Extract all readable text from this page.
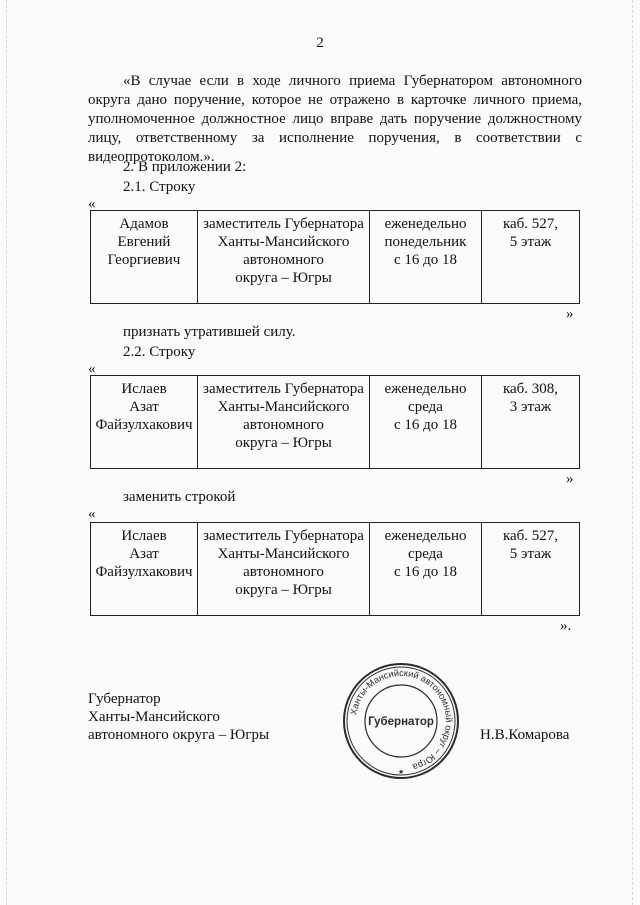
2
«В случае если в ходе личного приема Губернатором автономного
округа дано поручение, которое не отражено в карточке личного приема,
уполномоченное должностное лицо вправе дать поручение должностному
лицу, ответственному за исполнение поручения, в соответствии с
видеопротоколом.».
2. В приложении 2:
2.1. Строку
«
Адамов
Евгений
Георгиевич

заместитель Губернатора
Ханты-Мансийского
автономного
округа – Югры

еженедельно
понедельник
с 16 до 18

каб. 527,
5 этаж
»
признать утратившей силу.
2.2. Строку
«
Ислаев
Азат
Файзулхакович

заместитель Губернатора
Ханты-Мансийского
автономного
округа – Югры

еженедельно
среда
с 16 до 18

каб. 308,
3 этаж
»
заменить строкой
«
Ислаев
Азат
Файзулхакович

заместитель Губернатора
Ханты-Мансийского
автономного
округа – Югры

еженедельно
среда
с 16 до 18

каб. 527,
5 этаж
».
Губернатор
Ханты-Мансийского
автономного округа – Югры	Н.В.Комарова
Ханты-Мансийский автономный округ – Югра
Губернатор
★
